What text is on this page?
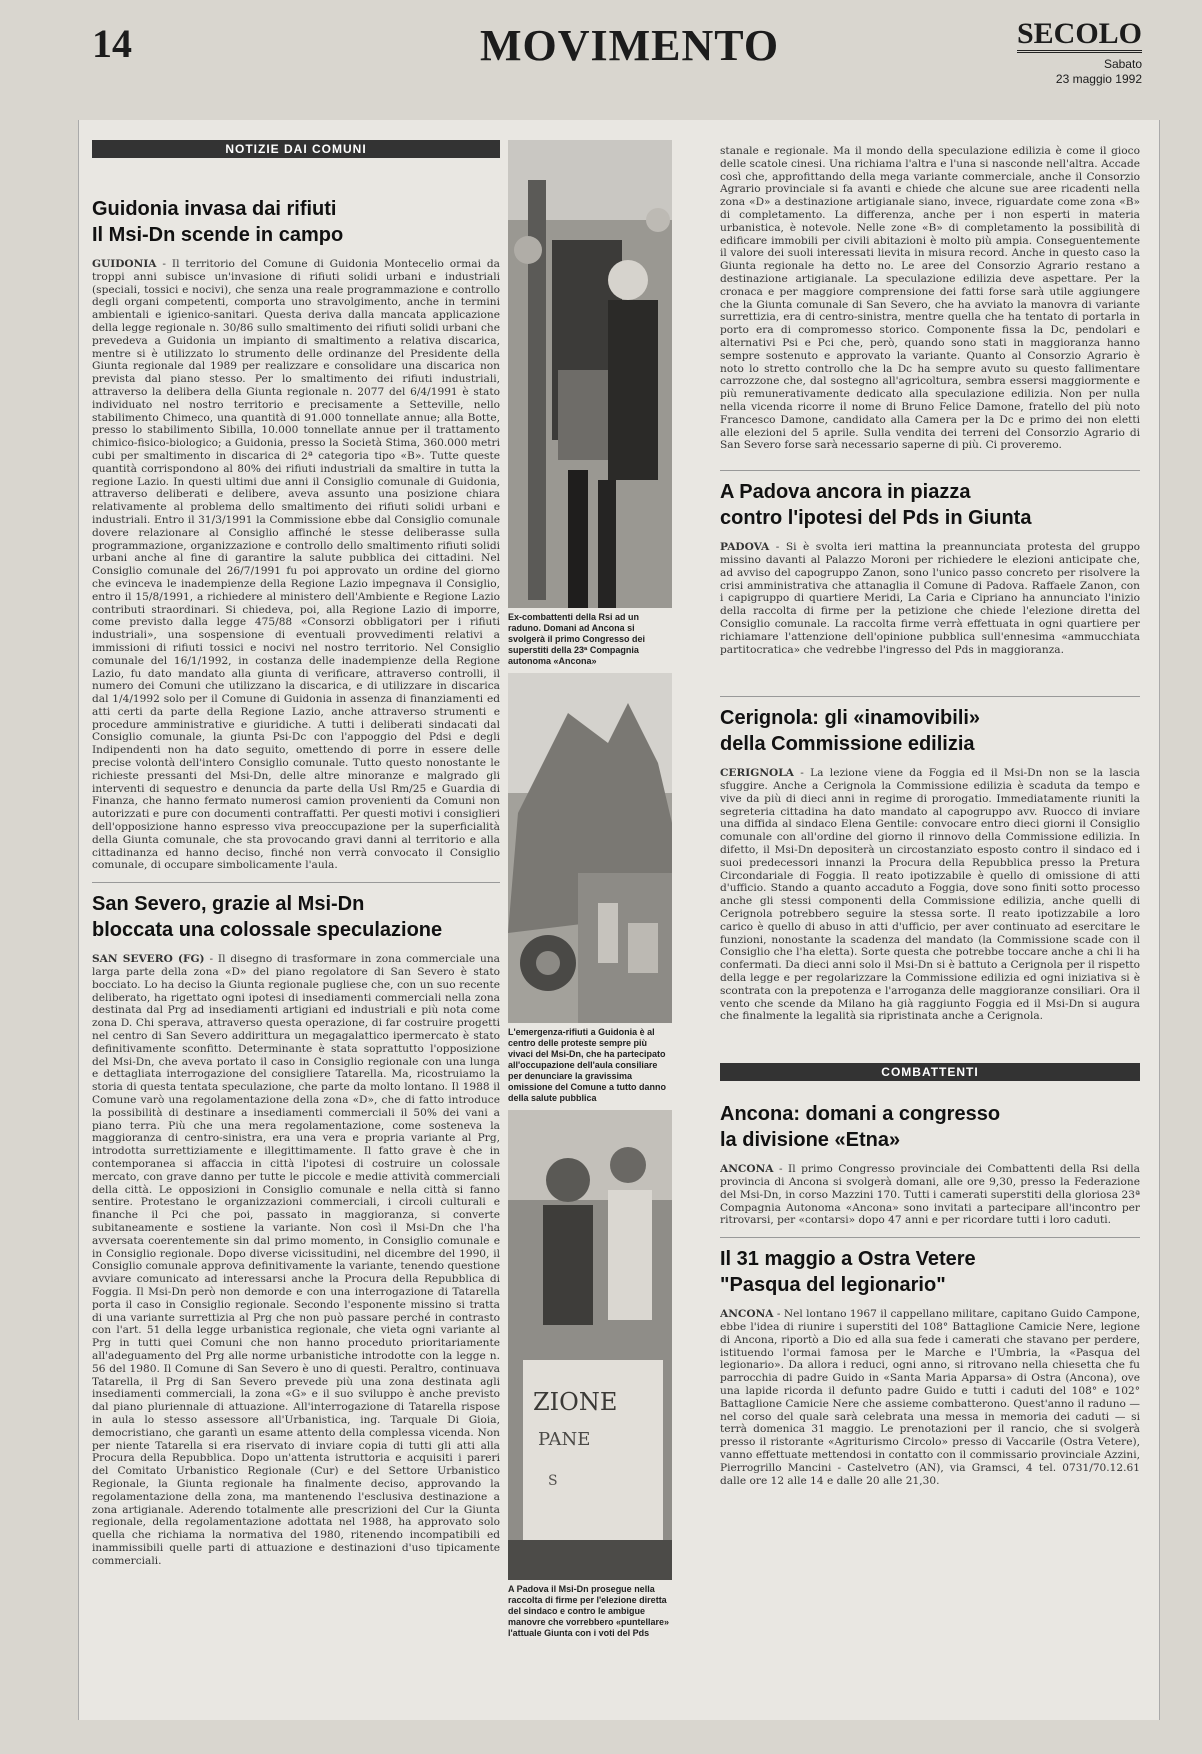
14	MOVIMENTO	SECOLO
Sabato
23 maggio 1992
NOTIZIE DAI COMUNI
Guidonia invasa dai rifiuti
Il Msi-Dn scende in campo

GUIDONIA - Il territorio del Comune di Guidonia Montecelio ormai da troppi anni subisce un'invasione di rifiuti solidi urbani e industriali (speciali, tossici e nocivi), che senza una reale programmazione e controllo degli organi competenti, comporta uno stravolgimento, anche in termini ambientali e igienico-sanitari. Questa deriva dalla mancata applicazione della legge regionale n. 30/86 sullo smaltimento dei rifiuti solidi urbani che prevedeva a Guidonia un impianto di smaltimento a relativa discarica, mentre si è utilizzato lo strumento delle ordinanze del Presidente della Giunta regionale dal 1989 per realizzare e consolidare una discarica non prevista dal piano stesso. Per lo smaltimento dei rifiuti industriali, attraverso la delibera della Giunta regionale n. 2077 del 6/4/1991 è stato individuato nel nostro territorio e precisamente a Setteville, nello stabilimento Chimeco, una quantità di 91.000 tonnellate annue; alla Botte, presso lo stabilimento Sibilla, 10.000 tonnellate annue per il trattamento chimico-fisico-biologico; a Guidonia, presso la Società Stima, 360.000 metri cubi per smaltimento in discarica di 2ª categoria tipo «B». Tutte queste quantità corrispondono al 80% dei rifiuti industriali da smaltire in tutta la regione Lazio. In questi ultimi due anni il Consiglio comunale di Guidonia, attraverso deliberati e delibere, aveva assunto una posizione chiara relativamente al problema dello smaltimento dei rifiuti solidi urbani e industriali. Entro il 31/3/1991 la Commissione ebbe dal Consiglio comunale dovere relazionare al Consiglio affinché le stesse deliberasse sulla programmazione, organizzazione e controllo dello smaltimento rifiuti solidi urbani anche al fine di garantire la salute pubblica dei cittadini. Nel Consiglio comunale del 26/7/1991 fu poi approvato un ordine del giorno che evinceva le inadempienze della Regione Lazio impegnava il Consiglio, entro il 15/8/1991, a richiedere al ministero dell'Ambiente e Regione Lazio contributi straordinari. Si chiedeva, poi, alla Regione Lazio di imporre, come previsto dalla legge 475/88 «Consorzi obbligatori per i rifiuti industriali», una sospensione di eventuali provvedimenti relativi a immissioni di rifiuti tossici e nocivi nel nostro territorio. Nel Consiglio comunale del 16/1/1992, in costanza delle inadempienze della Regione Lazio, fu dato mandato alla giunta di verificare, attraverso controlli, il numero dei Comuni che utilizzano la discarica, e di utilizzare in discarica dal 1/4/1992 solo per il Comune di Guidonia in assenza di finanziamenti ed atti certi da parte della Regione Lazio, anche attraverso strumenti e procedure amministrative e giuridiche. A tutti i deliberati sindacati dal Consiglio comunale, la giunta Psi-Dc con l'appoggio del Pdsi e degli Indipendenti non ha dato seguito, omettendo di porre in essere delle precise volontà dell'intero Consiglio comunale. Tutto questo nonostante le richieste pressanti del Msi-Dn, delle altre minoranze e malgrado gli interventi di sequestro e denuncia da parte della Usl Rm/25 e Guardia di Finanza, che hanno fermato numerosi camion provenienti da Comuni non autorizzati e pure con documenti contraffatti. Per questi motivi i consiglieri dell'opposizione hanno espresso viva preoccupazione per la superficialità della Giunta comunale, che sta provocando gravi danni al territorio e alla cittadinanza ed hanno deciso, finché non verrà convocato il Consiglio comunale, di occupare simbolicamente l'aula.

San Severo, grazie al Msi-Dn
bloccata una colossale speculazione

SAN SEVERO (FG) - Il disegno di trasformare in zona commerciale una larga parte della zona «D» del piano regolatore di San Severo è stato bocciato. Lo ha deciso la Giunta regionale pugliese che, con un suo recente deliberato, ha rigettato ogni ipotesi di insediamenti commerciali nella zona destinata dal Prg ad insediamenti artigiani ed industriali e più nota come zona D. Chi sperava, attraverso questa operazione, di far costruire progetti nel centro di San Severo addirittura un megagalattico ipermercato è stato definitivamente sconfitto. Determinante è stata soprattutto l'opposizione del Msi-Dn, che aveva portato il caso in Consiglio regionale con una lunga e dettagliata interrogazione del consigliere Tatarella. Ma, ricostruiamo la storia di questa tentata speculazione, che parte da molto lontano. Il 1988 il Comune varò una regolamentazione della zona «D», che di fatto introduce la possibilità di destinare a insediamenti commerciali il 50% dei vani a piano terra. Più che una mera regolamentazione, come sosteneva la maggioranza di centro-sinistra, era una vera e propria variante al Prg, introdotta surrettiziamente e illegittimamente. Il fatto grave è che in contemporanea si affaccia in città l'ipotesi di costruire un colossale mercato, con grave danno per tutte le piccole e medie attività commerciali della città. Le opposizioni in Consiglio comunale e nella città si fanno sentire. Protestano le organizzazioni commerciali, i circoli culturali e finanche il Pci che poi, passato in maggioranza, si converte subitaneamente e sostiene la variante. Non così il Msi-Dn che l'ha avversata coerentemente sin dal primo momento, in Consiglio comunale e in Consiglio regionale. Dopo diverse vicissitudini, nel dicembre del 1990, il Consiglio comunale approva definitivamente la variante, tenendo questione avviare comunicato ad interessarsi anche la Procura della Repubblica di Foggia. Il Msi-Dn però non demorde e con una interrogazione di Tatarella porta il caso in Consiglio regionale. Secondo l'esponente missino si tratta di una variante surrettizia al Prg che non può passare perché in contrasto con l'art. 51 della legge urbanistica regionale, che vieta ogni variante al Prg in tutti quei Comuni che non hanno proceduto prioritariamente all'adeguamento del Prg alle norme urbanistiche introdotte con la legge n. 56 del 1980. Il Comune di San Severo è uno di questi. Peraltro, continuava Tatarella, il Prg di San Severo prevede più una zona destinata agli insediamenti commerciali, la zona «G» e il suo sviluppo è anche previsto dal piano pluriennale di attuazione. All'interrogazione di Tatarella rispose in aula lo stesso assessore all'Urbanistica, ing. Tarquale Di Gioia, democristiano, che garantì un esame attento della complessa vicenda. Non per niente Tatarella si era riservato di inviare copia di tutti gli atti alla Procura della Repubblica. Dopo un'attenta istruttoria e acquisiti i pareri del Comitato Urbanistico Regionale (Cur) e del Settore Urbanistico Regionale, la Giunta regionale ha finalmente deciso, approvando la regolamentazione della zona, ma mantenendo l'esclusiva destinazione a zona artigianale. Aderendo totalmente alle prescrizioni del Cur la Giunta regionale, della regolamentazione adottata nel 1988, ha approvato solo quella che richiama la normativa del 1980, ritenendo incompatibili ed inammissibili quelle parti di attuazione e destinazioni d'uso tipicamente commerciali.

Ex-combattenti della Rsi ad un raduno. Domani ad Ancona si svolgerà il primo Congresso dei superstiti della 23ª Compagnia autonoma «Ancona»
L'emergenza-rifiuti a Guidonia è al centro delle proteste sempre più vivaci del Msi-Dn, che ha partecipato all'occupazione dell'aula consiliare per denunciare la gravissima omissione del Comune a tutto danno della salute pubblica
ZIONE
PANE
S
A Padova il Msi-Dn prosegue nella raccolta di firme per l'elezione diretta del sindaco e contro le ambigue manovre che vorrebbero «puntellare» l'attuale Giunta con i voti del Pds

stanale e regionale. Ma il mondo della speculazione edilizia è come il gioco delle scatole cinesi. Una richiama l'altra e l'una si nasconde nell'altra. Accade così che, approfittando della mega variante commerciale, anche il Consorzio Agrario provinciale si fa avanti e chiede che alcune sue aree ricadenti nella zona «D» a destinazione artigianale siano, invece, riguardate come zona «B» di completamento. La differenza, anche per i non esperti in materia urbanistica, è notevole. Nelle zone «B» di completamento la possibilità di edificare immobili per civili abitazioni è molto più ampia. Conseguentemente il valore dei suoli interessati lievita in misura record. Anche in questo caso la Giunta regionale ha detto no. Le aree del Consorzio Agrario restano a destinazione artigianale. La speculazione edilizia deve aspettare. Per la cronaca e per maggiore comprensione dei fatti forse sarà utile aggiungere che la Giunta comunale di San Severo, che ha avviato la manovra di variante surrettizia, era di centro-sinistra, mentre quella che ha tentato di portarla in porto era di compromesso storico. Componente fissa la Dc, pendolari e alternativi Psi e Pci che, però, quando sono stati in maggioranza hanno sempre sostenuto e approvato la variante. Quanto al Consorzio Agrario è noto lo stretto controllo che la Dc ha sempre avuto su questo fallimentare carrozzone che, dal sostegno all'agricoltura, sembra essersi maggiormente e più remunerativamente dedicato alla speculazione edilizia. Non per nulla nella vicenda ricorre il nome di Bruno Felice Damone, fratello del più noto Francesco Damone, candidato alla Camera per la Dc e primo dei non eletti alle elezioni del 5 aprile. Sulla vendita dei terreni del Consorzio Agrario di San Severo forse sarà necessario saperne di più. Ci proveremo.

A Padova ancora in piazza
contro l'ipotesi del Pds in Giunta

PADOVA - Si è svolta ieri mattina la preannunciata protesta del gruppo missino davanti al Palazzo Moroni per richiedere le elezioni anticipate che, ad avviso del capogruppo Zanon, sono l'unico passo concreto per risolvere la crisi amministrativa che attanaglia il Comune di Padova. Raffaele Zanon, con i capigruppo di quartiere Meridi, La Caria e Cipriano ha annunciato l'inizio della raccolta di firme per la petizione che chiede l'elezione diretta del Consiglio comunale. La raccolta firme verrà effettuata in ogni quartiere per richiamare l'attenzione dell'opinione pubblica sull'ennesima «ammucchiata partitocratica» che vedrebbe l'ingresso del Pds in maggioranza.

Cerignola: gli «inamovibili»
della Commissione edilizia

CERIGNOLA - La lezione viene da Foggia ed il Msi-Dn non se la lascia sfuggire. Anche a Cerignola la Commissione edilizia è scaduta da tempo e vive da più di dieci anni in regime di prorogatio. Immediatamente riuniti la segreteria cittadina ha dato mandato al capogruppo avv. Ruocco di inviare una diffida al sindaco Elena Gentile: convocare entro dieci giorni il Consiglio comunale con all'ordine del giorno il rinnovo della Commissione edilizia. In difetto, il Msi-Dn depositerà un circostanziato esposto contro il sindaco ed i suoi predecessori innanzi la Procura della Repubblica presso la Pretura Circondariale di Foggia. Il reato ipotizzabile è quello di omissione di atti d'ufficio. Stando a quanto accaduto a Foggia, dove sono finiti sotto processo anche gli stessi componenti della Commissione edilizia, anche quelli di Cerignola potrebbero seguire la stessa sorte. Il reato ipotizzabile a loro carico è quello di abuso in atti d'ufficio, per aver continuato ad esercitare le funzioni, nonostante la scadenza del mandato (la Commissione scade con il Consiglio che l'ha eletta). Sorte questa che potrebbe toccare anche a chi li ha confermati. Da dieci anni solo il Msi-Dn si è battuto a Cerignola per il rispetto della legge e per regolarizzare la Commissione edilizia ed ogni iniziativa si è scontrata con la prepotenza e l'arroganza delle maggioranze consiliari. Ora il vento che scende da Milano ha già raggiunto Foggia ed il Msi-Dn si augura che finalmente la legalità sia ripristinata anche a Cerignola.

COMBATTENTI
Ancona: domani a congresso
la divisione «Etna»

ANCONA - Il primo Congresso provinciale dei Combattenti della Rsi della provincia di Ancona si svolgerà domani, alle ore 9,30, presso la Federazione del Msi-Dn, in corso Mazzini 170. Tutti i camerati superstiti della gloriosa 23ª Compagnia Autonoma «Ancona» sono invitati a partecipare all'incontro per ritrovarsi, per «contarsi» dopo 47 anni e per ricordare tutti i loro caduti.

Il 31 maggio a Ostra Vetere
"Pasqua del legionario"

ANCONA - Nel lontano 1967 il cappellano militare, capitano Guido Campone, ebbe l'idea di riunire i superstiti del 108° Battaglione Camicie Nere, legione di Ancona, riportò a Dio ed alla sua fede i camerati che stavano per perdere, istituendo l'ormai famosa per le Marche e l'Umbria, la «Pasqua del legionario». Da allora i reduci, ogni anno, si ritrovano nella chiesetta che fu parrocchia di padre Guido in «Santa Maria Apparsa» di Ostra (Ancona), ove una lapide ricorda il defunto padre Guido e tutti i caduti del 108° e 102° Battaglione Camicie Nere che assieme combatterono. Quest'anno il raduno — nel corso del quale sarà celebrata una messa in memoria dei caduti — si terrà domenica 31 maggio. Le prenotazioni per il rancio, che si svolgerà presso il ristorante «Agriturismo Circolo» presso di Vaccarile (Ostra Vetere), vanno effettuate mettendosi in contatto con il commissario provinciale Azzini, Pierrogrillo Mancini - Castelvetro (AN), via Gramsci, 4 tel. 0731/70.12.61 dalle ore 12 alle 14 e dalle 20 alle 21,30.
